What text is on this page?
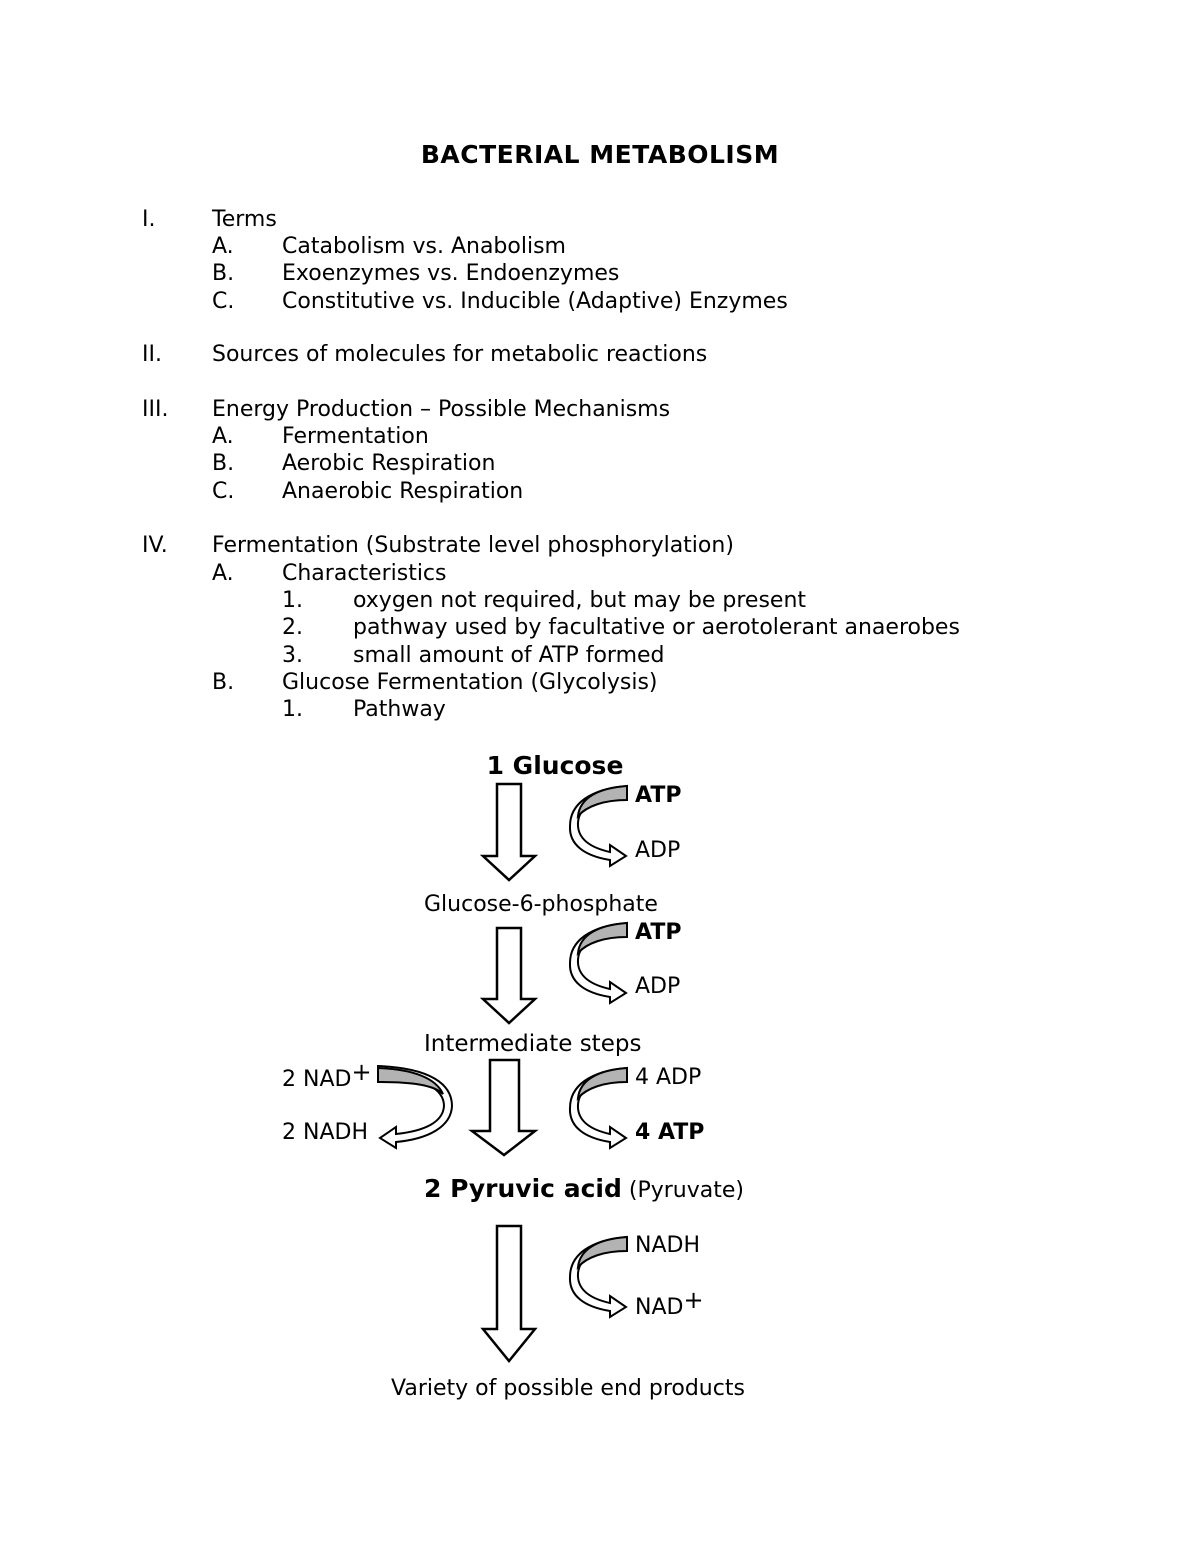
BACTERIAL METABOLISM
I.	Terms
A. Catabolism vs. Anabolism
B. Exoenzymes vs. Endoenzymes
C. Constitutive vs. Inducible (Adaptive) Enzymes
II. Sources of molecules for metabolic reactions
III. Energy Production – Possible Mechanisms
A. Fermentation
B. Aerobic Respiration
C. Anaerobic Respiration
IV. Fermentation (Substrate level phosphorylation)
A. Characteristics
1. oxygen not required, but may be present
2. pathway used by facultative or aerotolerant anaerobes
3. small amount of ATP formed
B. Glucose Fermentation (Glycolysis)
1. Pathway
1 Glucose
ATP
ADP
Glucose-6-phosphate
ATP
ADP
Intermediate steps
2 NAD+
2 NADH
4 ADP
4 ATP
2 Pyruvic acid (Pyruvate)
NADH
NAD+
Variety of possible end products
